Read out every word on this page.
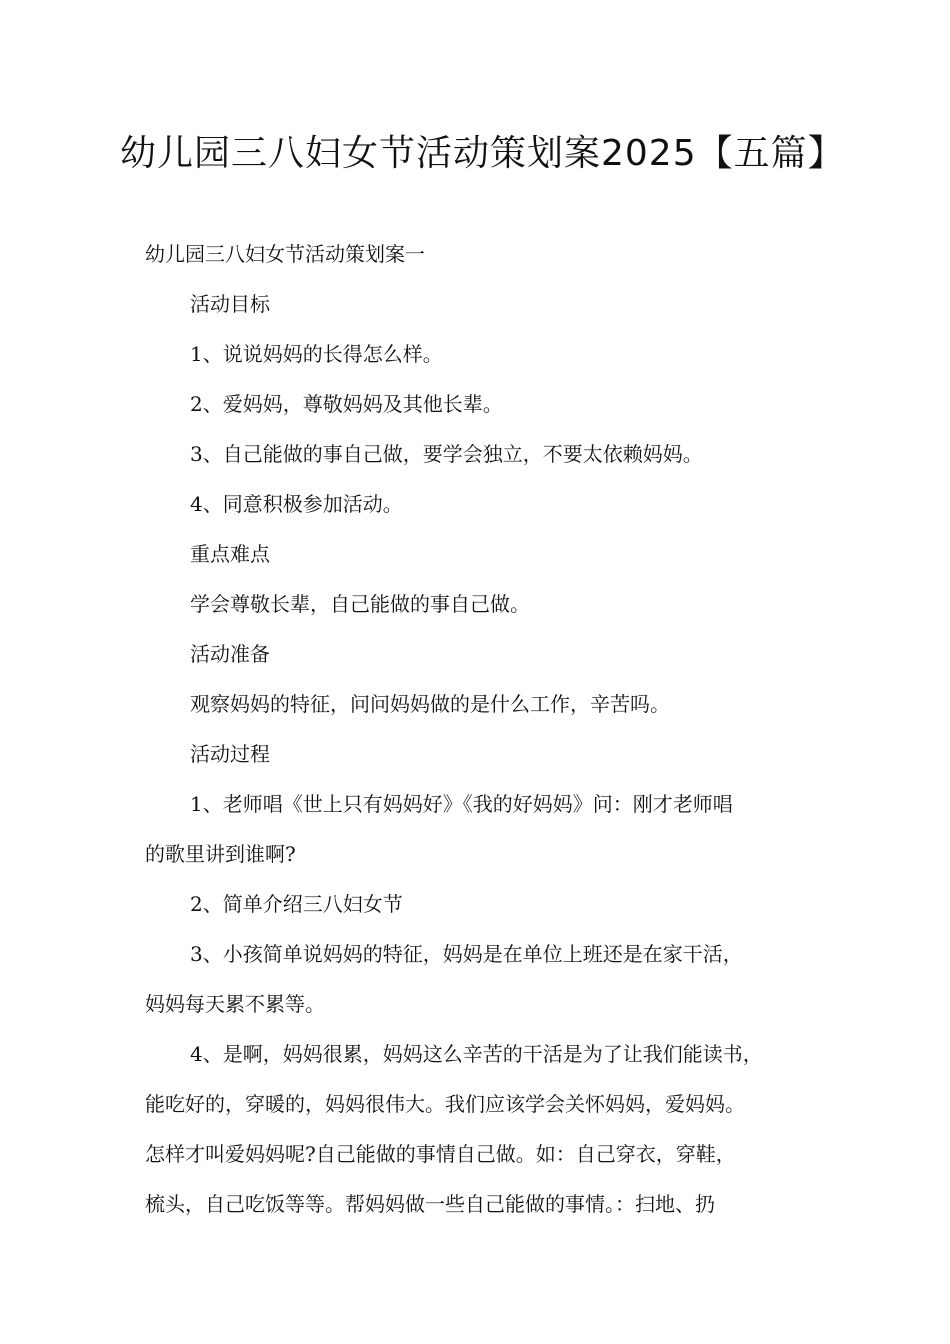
幼儿园三八妇女节活动策划案2025【五篇】
幼儿园三八妇女节活动策划案一
活动目标
1、说说妈妈的长得怎么样。
2、爱妈妈，尊敬妈妈及其他长辈。
3、自己能做的事自己做，要学会独立，不要太依赖妈妈。
4、同意积极参加活动。
重点难点
学会尊敬长辈，自己能做的事自己做。
活动准备
观察妈妈的特征，问问妈妈做的是什么工作，辛苦吗。
活动过程
1、老师唱《世上只有妈妈好》《我的好妈妈》问：刚才老师唱
的歌里讲到谁啊?
2、简单介绍三八妇女节
3、小孩简单说妈妈的特征，妈妈是在单位上班还是在家干活，
妈妈每天累不累等。
4、是啊，妈妈很累，妈妈这么辛苦的干活是为了让我们能读书，
能吃好的，穿暖的，妈妈很伟大。我们应该学会关怀妈妈，爱妈妈。
怎样才叫爱妈妈呢?自己能做的事情自己做。如：自己穿衣，穿鞋，
梳头，自己吃饭等等。帮妈妈做一些自己能做的事情。：扫地、扔
